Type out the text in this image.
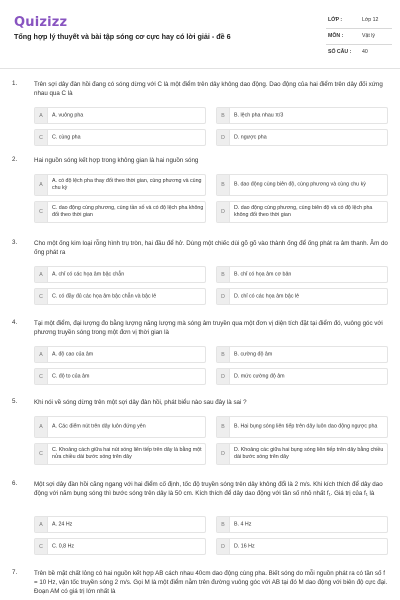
Quizizz
Tổng hợp lý thuyết và bài tập sóng cơ cực hay có lời giải - đề 6
LỚP :	Lớp 12
MÔN :	Vật lý
SỐ CÂU : 40
1.	Trên sợi dây đàn hồi đang có sóng dừng với C là một điểm trên dây không dao động. Dao động của hai điểm trên dây đối xứng nhau qua C là
A	A. vuông pha	B	B. lệch pha nhau π/3
C	C. cùng pha	D	D. ngược pha
2.	Hai nguồn sóng kết hợp trong không gian là hai nguồn sóng
A
A. có độ lệch pha thay đổi theo thời gian, cùng phương và cùng chu kỳ	B	B. dao động cùng biên độ, cùng phương và cùng chu kỳ
C
C. dao động cùng phương, cùng tần số và có độ lệch pha không đổi theo thời gian	D
D. dao động cùng phương, cùng biên độ và có độ lệch pha không đổi theo thời gian
3.	Cho một ống kim loại rỗng hình trụ tròn, hai đầu để hở. Dùng một chiếc dùi gõ gõ vào thành ống để ống phát ra âm thanh. Âm do ống phát ra
A	A. chỉ có các họa âm bậc chẵn	B	B. chỉ có họa âm cơ bản
C	C. có đầy đủ các họa âm bậc chẵn và bậc lẻ	D	D. chỉ có các họa âm bậc lẻ
4.	Tại một điểm, đại lượng đo bằng lượng năng lượng mà sóng âm truyền qua một đơn vị diện tích đặt tại điểm đó, vuông góc với phương truyền sóng trong một đơn vị thời gian là
A	A. độ cao của âm	B	B. cường độ âm
C	C. độ to của âm	D	D. mức cường độ âm
5.	Khi nói về sóng dừng trên một sợi dây đàn hồi, phát biểu nào sau đây là sai ?
A	A. Các điểm nút trên dây luôn đứng yên	B	B. Hai bụng sóng liên tiếp trên dây luôn dao động ngược pha
C
C. Khoảng cách giữa hai nút sóng liên tiếp trên dây là bằng một nửa chiều dài bước sóng trên dây	D
D. Khoảng các giữa hai bụng sóng liên tiếp trên dây bằng chiều dài bước sóng trên dây
6.	Một sợi dây đàn hồi căng ngang với hai điểm cố định, tốc độ truyền sóng trên dây không đổi là 2 m/s. Khi kích thích để dây dao động với năm bụng sóng thì bước sóng trên dây là 50 cm. Kích thích để dây dao động với tần số nhỏ nhất f₁. Giá trị của f₁ là
A	A. 24 Hz	B	B. 4 Hz
C	C. 0,8 Hz	D	D. 16 Hz
7.	Trên bề mặt chất lỏng có hai nguồn kết hợp AB cách nhau 40cm dao động cùng pha. Biết sóng do mỗi nguồn phát ra có tần số f = 10 Hz, vận tốc truyền sóng 2 m/s. Gọi M là một điểm nằm trên đường vuông góc với AB tại đó M dao động với biên độ cực đại. Đoạn AM có giá trị lớn nhất là
